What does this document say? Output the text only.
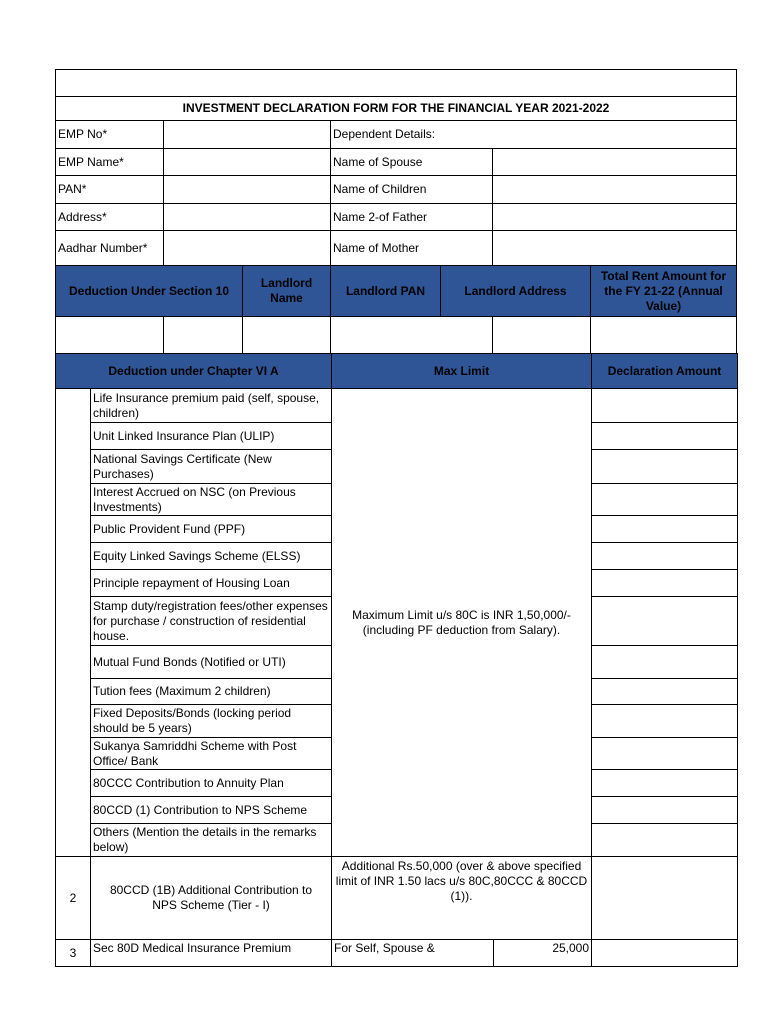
INVESTMENT DECLARATION FORM FOR THE FINANCIAL YEAR 2021-2022						
EMP No*			Dependent Details:			
EMP Name*			Name of Spouse			
PAN*			Name of Children			
Address*			Name 2-of Father			
Aadhar Number*			Name of Mother			
Deduction Under Section 10		Landlord Name	Landlord PAN	Landlord Address		Total Rent Amount for the FY 21-22 (Annual Value)

Deduction under Chapter VI A		Max Limit		Declaration Amount
	Life Insurance premium paid (self, spouse, children)	Maximum Limit u/s 80C is INR 1,50,000/- (including PF deduction from Salary).		
	Unit Linked Insurance Plan (ULIP)			
	National Savings Certificate (New Purchases)			
	Interest Accrued on NSC (on Previous Investments)			
	Public Provident Fund (PPF)			
	Equity Linked Savings Scheme (ELSS)			
	Principle repayment of Housing Loan			
	Stamp duty/registration fees/other expenses for purchase / construction of residential house.			
	Mutual Fund Bonds (Notified or UTI)			
	Tution fees (Maximum 2 children)			
	Fixed Deposits/Bonds (locking period should be 5 years)			
	Sukanya Samriddhi Scheme with Post Office/ Bank			
	80CCC Contribution to Annuity Plan			
	80CCD (1) Contribution to NPS Scheme			
	Others (Mention the details in the remarks below)			
2	80CCD (1B) Additional Contribution to NPS Scheme (Tier - I)	Additional Rs.50,000 (over & above specified limit of INR 1.50 lacs u/s 80C,80CCC & 80CCD (1)).		
3	Sec 80D Medical Insurance Premium	For Self, Spouse &	25,000	
